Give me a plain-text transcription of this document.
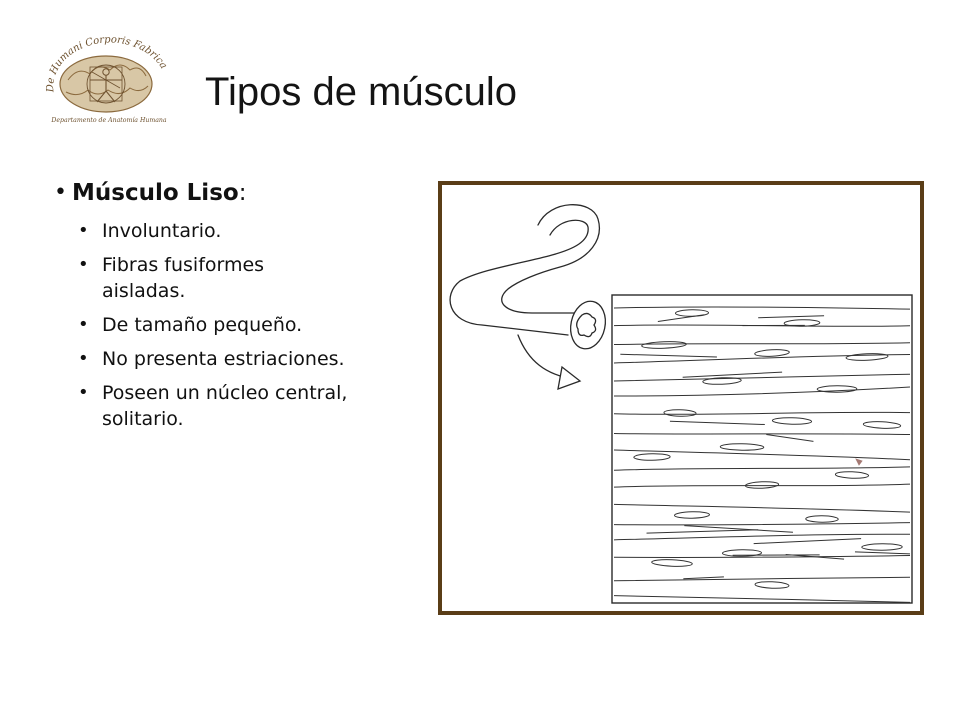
De Humani Corporis Fabrica
Departamento de Anatomía Humana
Tipos de músculo
• Músculo Liso:
• Involuntario.
• Fibras fusiformes
aisladas.
• De tamaño pequeño.
• No presenta estriaciones.
• Poseen un núcleo central,
solitario.
